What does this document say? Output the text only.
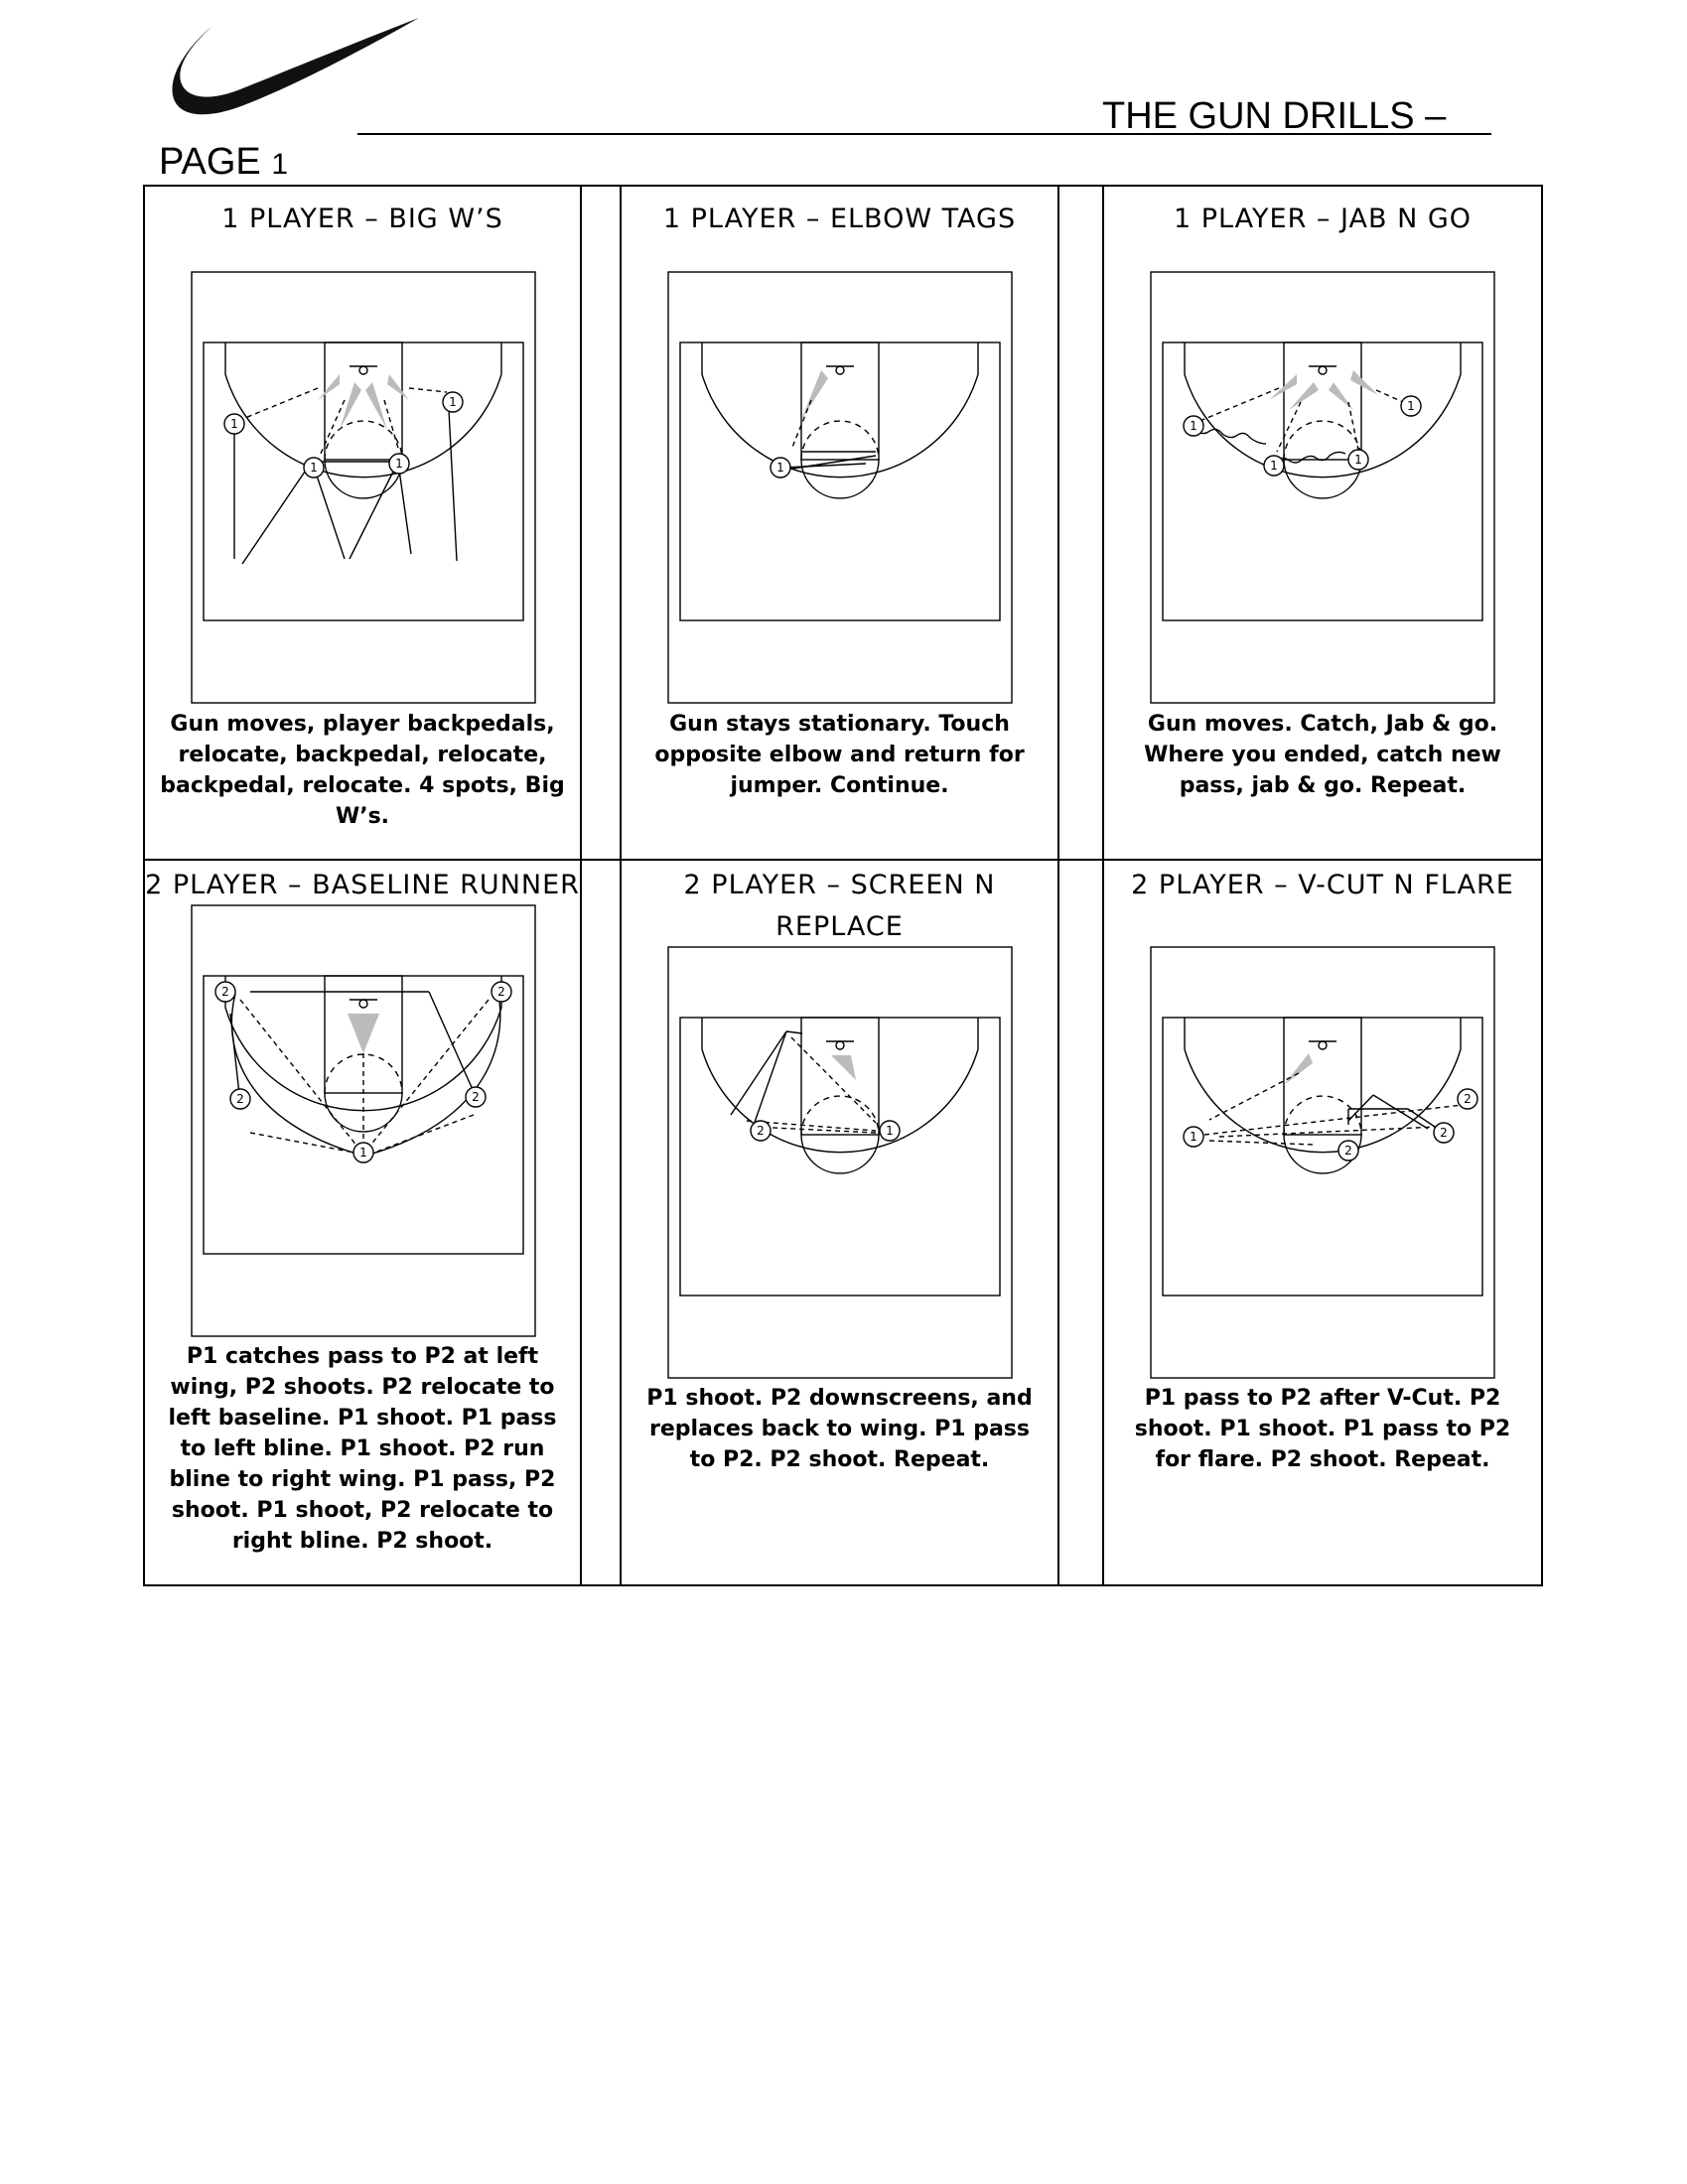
THE GUN DRILLS –
PAGE 1
1 PLAYER – BIG W’S
1
1
1	1
Gun moves, player backpedals, relocate, backpedal, relocate, backpedal, relocate. 4 spots, Big W’s.
1 PLAYER – ELBOW TAGS
1
Gun stays stationary. Touch opposite elbow and return for jumper. Continue.
1 PLAYER – JAB N GO
1
1
1	1
Gun moves. Catch, Jab & go. Where you ended, catch new pass, jab & go. Repeat.
2 PLAYER – BASELINE RUNNER
2	2
2	2
1
P1 catches pass to P2 at left wing, P2 shoots. P2 relocate to left baseline. P1 shoot. P1 pass to left bline. P1 shoot. P2 run bline to right wing. P1 pass, P2 shoot. P1 shoot, P2 relocate to right bline. P2 shoot.
2 PLAYER – SCREEN N REPLACE
2	1
P1 shoot. P2 downscreens, and replaces back to wing. P1 pass to P2. P2 shoot. Repeat.
2 PLAYER – V-CUT N FLARE
1
2
2
2
P1 pass to P2 after V-Cut. P2 shoot. P1 shoot. P1 pass to P2 for flare. P2 shoot. Repeat.
